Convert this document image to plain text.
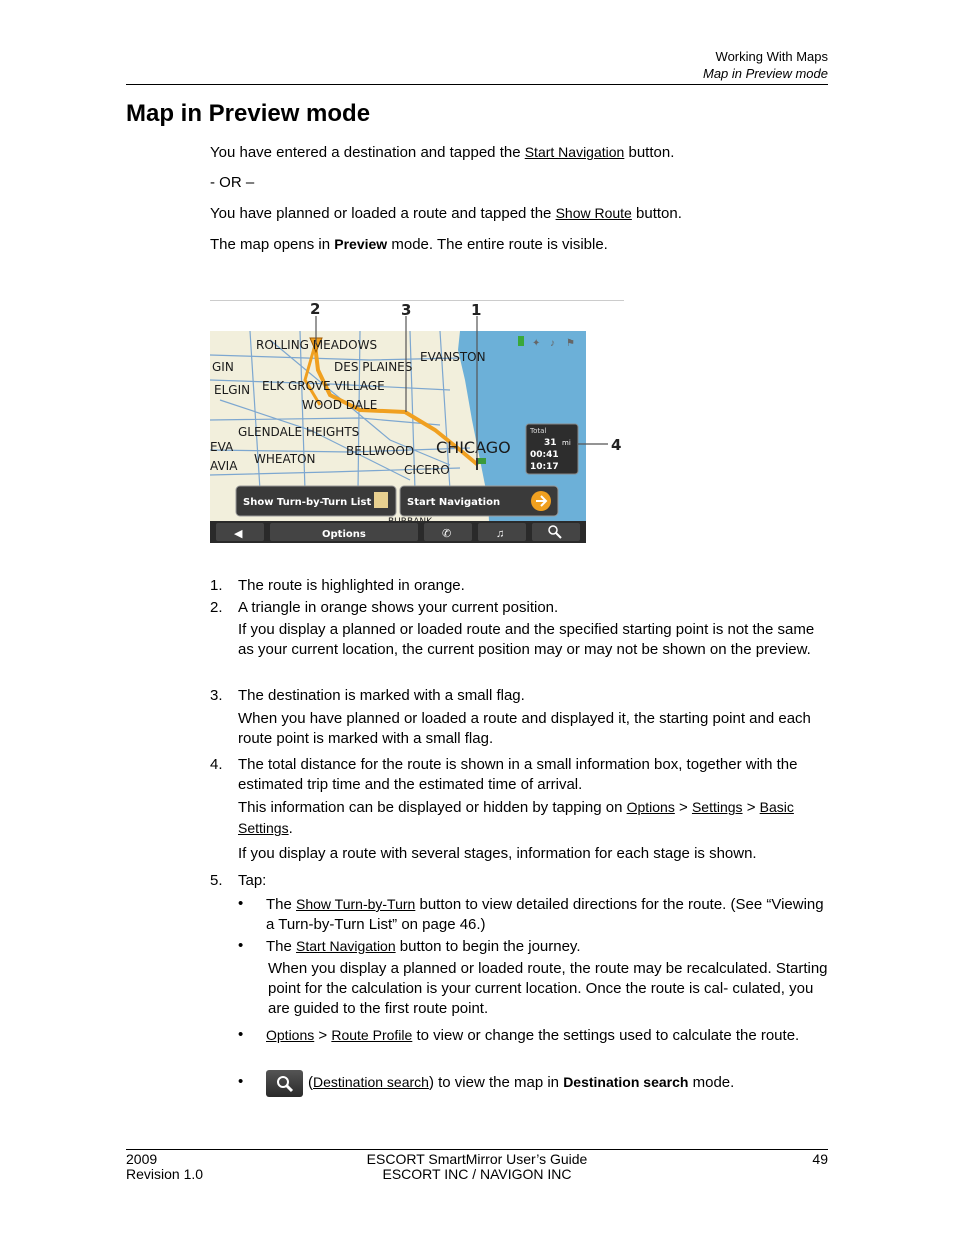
Working With Maps
Map in Preview mode
Map in Preview mode
You have entered a destination and tapped the Start Navigation button.
- OR –
You have planned or loaded a route and tapped the Show Route button.
The map opens in Preview mode. The entire route is visible.
ROLLING MEADOWS
DES PLAINES
EVANSTON
GIN
ELGIN ELK GROVE VILLAGE
WOOD DALE
GLENDALE HEIGHTS
EVA
AVIA WHEATON
BELLWOOD CHICAGO
CICERO
✦ ♪ ⚑
Total
31 mi
00:41
10:17
Show Turn-by-Turn List	Start Navigation
◀	Options	✆	♫
2	3	1
4
1. The route is highlighted in orange.
2. A triangle in orange shows your current position.
If you display a planned or loaded route and the specified starting point is not the same as your current location, the current position may or may not be shown on the preview.
3. The destination is marked with a small flag.
When you have planned or loaded a route and displayed it, the starting point and each route point is marked with a small flag.
4. The total distance for the route is shown in a small information box, together with the estimated trip time and the estimated time of arrival.
This information can be displayed or hidden by tapping on Options > Settings > Basic Settings.
If you display a route with several stages, information for each stage is shown.
5. Tap:
• The Show Turn-by-Turn button to view detailed directions for the route. (See “Viewing a Turn-by-Turn List” on page 46.)
• The Start Navigation button to begin the journey.
When you display a planned or loaded route, the route may be recalculated. Starting point for the calculation is your current location. Once the route is cal- culated, you are guided to the first route point.
• Options > Route Profile to view or change the settings used to calculate the route.
•	(Destination search) to view the map in Destination search mode.
2009
Revision 1.0
ESCORT SmartMirror User’s Guide
ESCORT INC / NAVIGON INC
49
